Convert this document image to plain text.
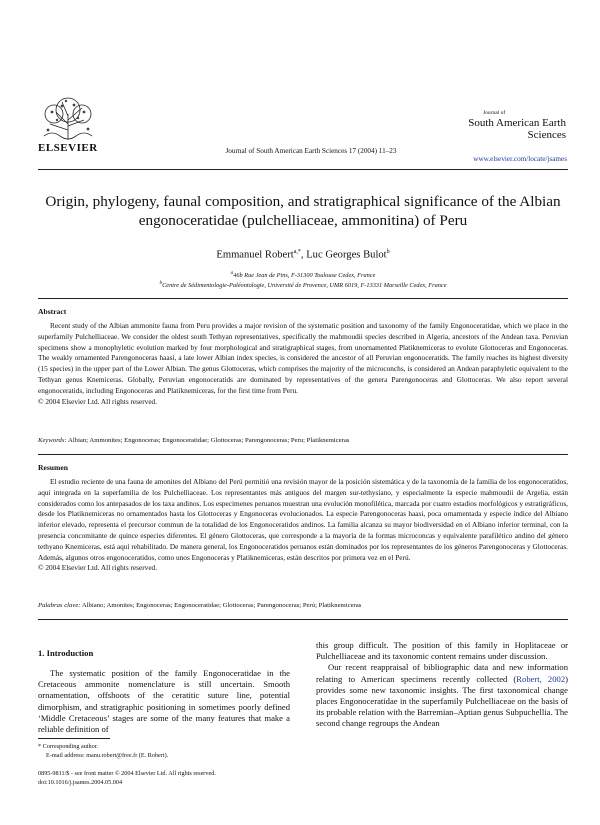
ELSEVIER	Journal of South American Earth Sciences 17 (2004) 11–23
Journal of
South American Earth Sciences
www.elsevier.com/locate/jsames
Origin, phylogeny, faunal composition, and stratigraphical significance of the Albian engonoceratidae (pulchelliaceae, ammonitina) of Peru
Emmanuel Robert$^{a,*}$, Luc Georges Bulot$^b$
$^a$46b Rue Jean de Pins, F-31300 Toulouse Cedex, France
$^b$Centre de Sédimentologie-Paléontologie, Université de Provence, UMR 6019, F-13331 Marseille Cedex, France
Abstract

Recent study of the Albian ammonite fauna from Peru provides a major revision of the systematic position and taxonomy of the family Engonoceratidae, which we place in the superfamily Pulchelliaceae. We consider the oldest south Tethyan representatives, specifically the mahmoudii species described in Algeria, ancestors of the Andean taxa. Peruvian specimens show a monophyletic evolution marked by four morphological and stratigraphical stages, from unornamented Platiknemiceras to evolute Glottoceras and Engonoceras. The weakly ornamented Parengonoceras haasi, a late lower Albian index species, is considered the ancestor of all Peruvian engonoceratids. The family reaches its highest diversity (15 species) in the upper part of the Lower Albian. The genus Glottoceras, which comprises the majority of the microconchs, is considered an Andean paraphyletic equivalent to the Tethyan genus Knemiceras. Globally, Peruvian engonoceratids are dominated by representatives of the genera Parengonoceras and Glottoceras. We also report several engonoceratids, including Engonoceras and Platiknemiceras, for the first time from Peru.

© 2004 Elsevier Ltd. All rights reserved.
Keywords: Albian; Ammonites; Engonoceras; Engonoceratidae; Glottoceras; Parengonoceras; Peru; Platiknemiceras
Resumen

El estudio reciente de una fauna de amonites del Albiano del Perú permitió una revisión mayor de la posición sistemática y de la taxonomía de la familia de los engonoceratidos, aquí integrada en la superfamilia de los Pulchelliaceae. Los representantes más antiguos del margen sur-tethysiano, y especialmente la especie mahmoudii de Argelia, están considerados como los antepasados de los taxa andinos. Los especimenes peruanos muestran una evolución monofilética, marcada por cuatro estadios morfológicos y estratigráficos, desde los Platiknemiceras no ornamentados hasta los Glottoceras y Engonoceras evolucionados. La especie Parengonoceras haasi, poca ornamentada y especie índice del Albiano inferior elevado, representa el precursor commun de la totalidad de los Engonoceratidos andinos. La familia alcanza su mayor biodiversidad en el Albiano inferior terminal, con la presencia concomitante de quince especies diferentes. El género Glottoceras, que corresponde a la mayoría de la formas microconcas y equivalente parafilético andino del género tethyano Knemiceras, está aquí rehabilitado. De manera general, los Engonoceratidos peruanos están dominados por los representantes de los géneros Parengonoceras y Glottoceras. Además, algunos otros engonoceratidos, como unos Engonoceras y Platiknemiceras, están descritos por primera vez en el Perú.

© 2004 Elsevier Ltd. All rights reserved.
Palabras clave: Albiano; Amonites; Engonoceras; Engonoceratidae; Glottoceras; Parengonoceras; Perú; Platiknemiceras
1. Introduction

The systematic position of the family Engonoceratidae in the Cretaceous ammonite nomenclature is still uncertain. Smooth ornamentation, offshoots of the ceratitic suture line, potential dimorphism, and stratigraphic positioning in sometimes poorly defined ‘Middle Cretaceous’ stages are some of the many features that make a reliable definition of

this group difficult. The position of this family in Hoplitaceae or Pulchelliaceae and its taxonomic content remains under discussion.

Our recent reappraisal of bibliographic data and new information relating to American specimens recently collected (Robert, 2002) provides some new taxonomic insights. The first taxonomical change places Engonoceratidae in the superfamily Pulchelliaceae on the basis of its probable relation with the Barremian–Aptian genus Subpuchellia. The second change regroups the Andean

* Corresponding author.
E-mail address: manu.robert@free.fr (E. Robert).
0895-9811/$ - see front matter © 2004 Elsevier Ltd. All rights reserved.
doi:10.1016/j.jsames.2004.05.004
